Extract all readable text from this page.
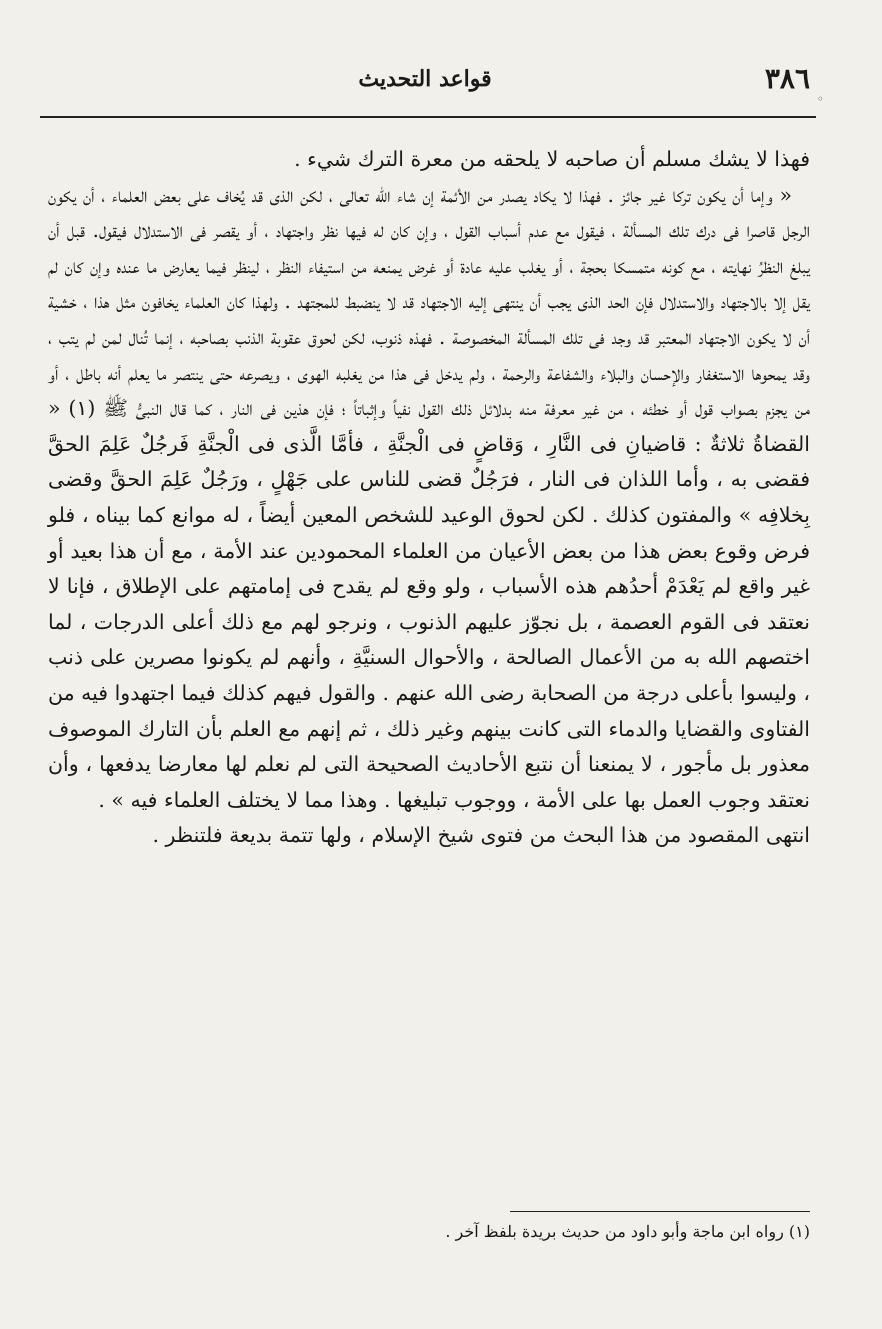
٣٨٦
قواعد التحديث
◦

فهذا لا يشك مسلم أن صاحبه لا يلحقه من معرة الترك شيء .

« وإما أن يكون تركا غير جائز . فهذا لا يكاد يصدر من الأئمة إن شاء الله تعالى ، لكن الذى قد يُخاف على بعض العلماء ، أن يكون الرجل قاصرا فى درك تلك المسألة ، فيقول مع عدم أسباب القول ، وإن كان له فيها نظر واجتهاد ، أو يقصر فى الاستدلال فيقول. قبل أن يبلغ النظرُ نهايته ، مع كونه متمسكا بحجة ، أو يغلب عليه عادة أو غرض يمنعه من استيفاء النظر ، لينظر فيما يعارض ما عنده وإن كان لم يقل إلا بالاجتهاد والاستدلال فإن الحد الذى يجب أن ينتهى إليه الاجتهاد قد لا ينضبط للمجتهد . ولهذا كان العلماء يخافون مثل هذا ، خشية أن لا يكون الاجتهاد المعتبر قد وجد فى تلك المسألة المخصوصة . فهذه ذنوب، لكن لحوق عقوبة الذنب بصاحبه ، إنما تُنال لمن لم يتب ، وقد يمحوها الاستغفار والإحسان والبلاء والشفاعة والرحمة ، ولم يدخل فى هذا من يغلبه الهوى ، ويصرعه حتى ينتصر ما يعلم أنه باطل ، أو من يجزم بصواب قول أو خطئه ، من غير معرفة منه بدلائل ذلك القول نفياً وإثباتاً ؛ فإن هذين فى النار ، كما قال النبىُّ ﷺ (١) « القضاةُ ثلاثةٌ : قاضيانِ فى النَّارِ ، وَقاضٍ فى الْجنَّةِ ، فأمَّا الَّذى فى الْجنَّةِ فَرجُلٌ عَلِمَ الحقَّ فقضى به ، وأما اللذان فى النار ، فرَجُلٌ قضى للناس على جَهْلٍ ، ورَجُلٌ عَلِمَ الحقَّ وقضى بِخلافِه » والمفتون كذلك . لكن لحوق الوعيد للشخص المعين أيضاً ، له موانع كما بيناه ، فلو فرض وقوع بعض هذا من بعض الأعيان من العلماء المحمودين عند الأمة ، مع أن هذا بعيد أو غير واقع لم يَعْدَمْ أحدُهم هذه الأسباب ، ولو وقع لم يقدح فى إمامتهم على الإطلاق ، فإنا لا نعتقد فى القوم العصمة ، بل نجوّز عليهم الذنوب ، ونرجو لهم مع ذلك أعلى الدرجات ، لما اختصهم الله به من الأعمال الصالحة ، والأحوال السنيَّةِ ، وأنهم لم يكونوا مصرين على ذنب ، وليسوا بأعلى درجة من الصحابة رضى الله عنهم . والقول فيهم كذلك فيما اجتهدوا فيه من الفتاوى والقضايا والدماء التى كانت بينهم وغير ذلك ، ثم إنهم مع العلم بأن التارك الموصوف معذور بل مأجور ، لا يمنعنا أن نتبع الأحاديث الصحيحة التى لم نعلم لها معارضا يدفعها ، وأن نعتقد وجوب العمل بها على الأمة ، ووجوب تبليغها . وهذا مما لا يختلف العلماء فيه » .

انتهى المقصود من هذا البحث من فتوى شيخ الإسلام ، ولها تتمة بديعة فلتنظر .

(١) رواه ابن ماجة وأبو داود من حديث بريدة بلفظ آخر .
